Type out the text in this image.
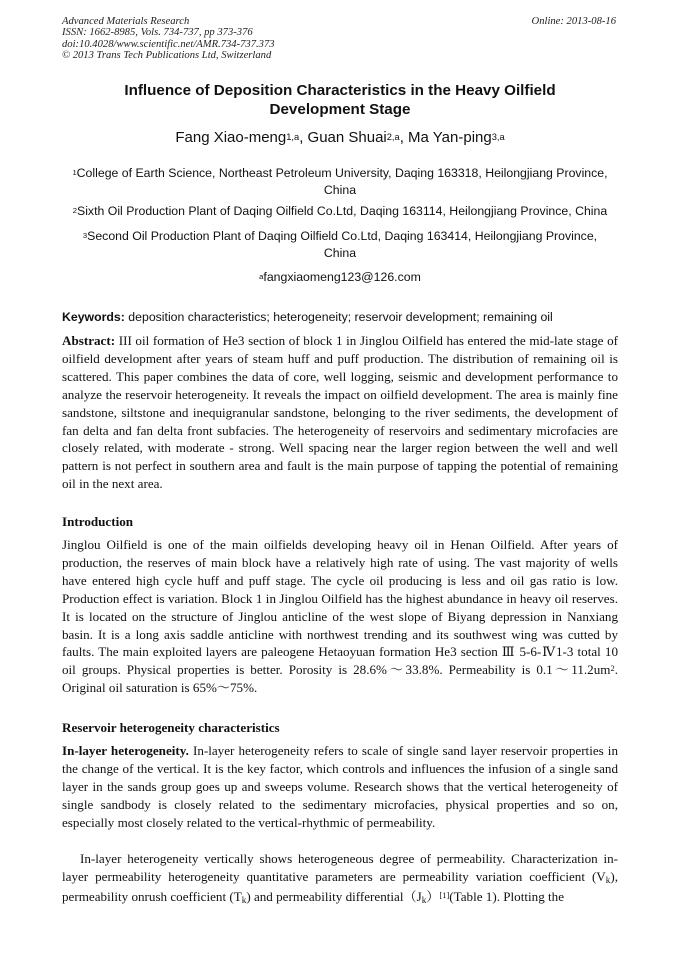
Advanced Materials Research
ISSN: 1662-8985, Vols. 734-737, pp 373-376
doi:10.4028/www.scientific.net/AMR.734-737.373
© 2013 Trans Tech Publications Ltd, Switzerland
Online: 2013-08-16
Influence of Deposition Characteristics in the Heavy Oilfield
Development Stage
Fang Xiao-meng$^{1,a}$, Guan Shuai$^{2,a}$, Ma Yan-ping$^{3,a}$
$^1$College of Earth Science, Northeast Petroleum University, Daqing 163318, Heilongjiang Province,
China
$^2$Sixth Oil Production Plant of Daqing Oilfield Co.Ltd, Daqing 163114, Heilongjiang Province, China
$^3$Second Oil Production Plant of Daqing Oilfield Co.Ltd, Daqing 163414, Heilongjiang Province,
China
$^a$fangxiaomeng123@126.com
Keywords: deposition characteristics; heterogeneity; reservoir development; remaining oil
Abstract: III oil formation of He3 section of block 1 in Jinglou Oilfield has entered the mid-late stage of oilfield development after years of steam huff and puff production. The distribution of remaining oil is scattered. This paper combines the data of core, well logging, seismic and development performance to analyze the reservoir heterogeneity. It reveals the impact on oilfield development. The area is mainly fine sandstone, siltstone and inequigranular sandstone, belonging to the river sediments, the development of fan delta and fan delta front subfacies. The heterogeneity of reservoirs and sedimentary microfacies are closely related, with moderate - strong. Well spacing near the larger region between the well and well pattern is not perfect in southern area and fault is the main purpose of tapping the potential of remaining oil in the next area.
Introduction
Jinglou Oilfield is one of the main oilfields developing heavy oil in Henan Oilfield. After years of production, the reserves of main block have a relatively high rate of using. The vast majority of wells have entered high cycle huff and puff stage. The cycle oil producing is less and oil gas ratio is low. Production effect is variation. Block 1 in Jinglou Oilfield has the highest abundance in heavy oil reserves. It is located on the structure of Jinglou anticline of the west slope of Biyang depression in Nanxiang basin. It is a long axis saddle anticline with northwest trending and its southwest wing was cutted by faults. The main exploited layers are paleogene Hetaoyuan formation He3 section Ⅲ 5-6-Ⅳ1-3 total 10 oil groups. Physical properties is better. Porosity is 28.6%～33.8%. Permeability is $0.1\sim 11.2um^2$. Original oil saturation is 65%～75%.
Reservoir heterogeneity characteristics
In-layer heterogeneity. In-layer heterogeneity refers to scale of single sand layer reservoir properties in the change of the vertical. It is the key factor, which controls and influences the infusion of a single sand layer in the sands group goes up and sweeps volume. Research shows that the vertical heterogeneity of single sandbody is closely related to the sedimentary microfacies, physical properties and so on, especially most closely related to the vertical-rhythmic of permeability.
In-layer heterogeneity vertically shows heterogeneous degree of permeability. Characterization in-layer permeability heterogeneity quantitative parameters are permeability variation coefficient $(V_k)$, permeability onrush coefficient $(T_k)$ and permeability $differential(J_k)[1](Table$ 1). Plotting the
